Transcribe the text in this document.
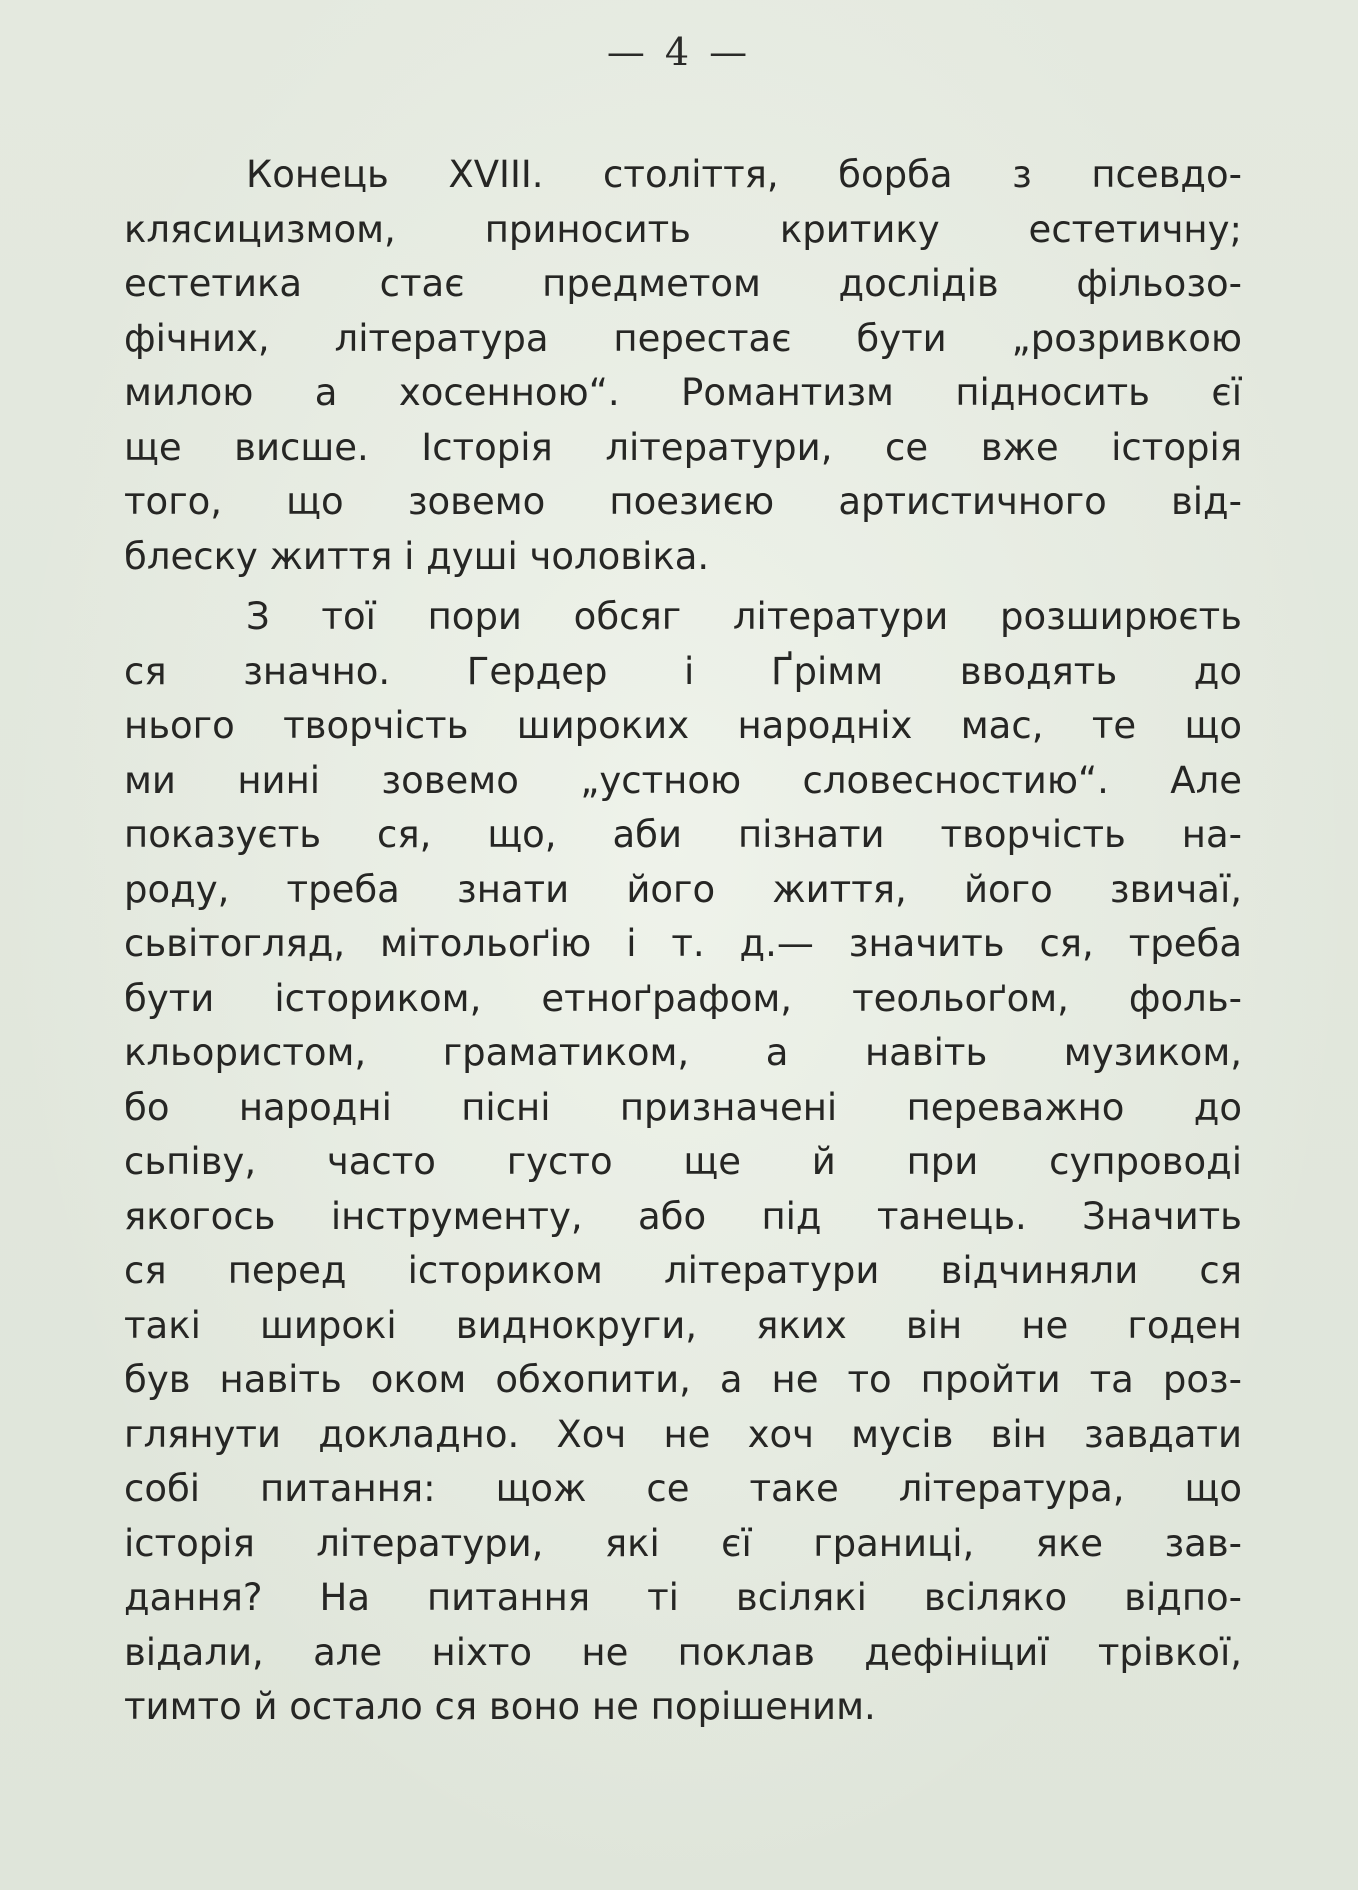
— 4 —
Конець XVIII. століття, борба з псевдо-
клясицизмом, приносить критику естетичну;
естетика стає предметом дослідів фільозо-
фічних, література перестає бути „розривкою
милою а хосенною“. Романтизм підносить єї
ще висше. Історія літератури, се вже історія
того, що зовемо поезиєю артистичного від-
блеску життя і душі чоловіка.
З тої пори обсяг літератури розширюєть
ся значно. Гердер і Ґрімм вводять до
нього творчість широких народніх мас, те що
ми нині зовемо „устною словесностию“. Але
показуєть ся, що, аби пізнати творчість на-
роду, треба знати його життя, його звичаї,
сьвітогляд, мітольоґію і т. д.— значить ся, треба
бути істориком, етноґрафом, теольоґом, фоль-
кльористом, граматиком, а навіть музиком,
бо народні пісні призначені переважно до
сьпіву, часто густо ще й при супроводі
якогось інструменту, або під танець. Значить
ся перед істориком літератури відчиняли ся
такі широкі виднокруги, яких він не годен
був навіть оком обхопити, а не то пройти та роз-
глянути докладно. Хоч не хоч мусів він завдати
собі питання: щож се таке література, що
історія літератури, які єї границі, яке зав-
дання? На питання ті всілякі всіляко відпо-
відали, але ніхто не поклав дефініциї трівкої,
тимто й остало ся воно не порішеним.
